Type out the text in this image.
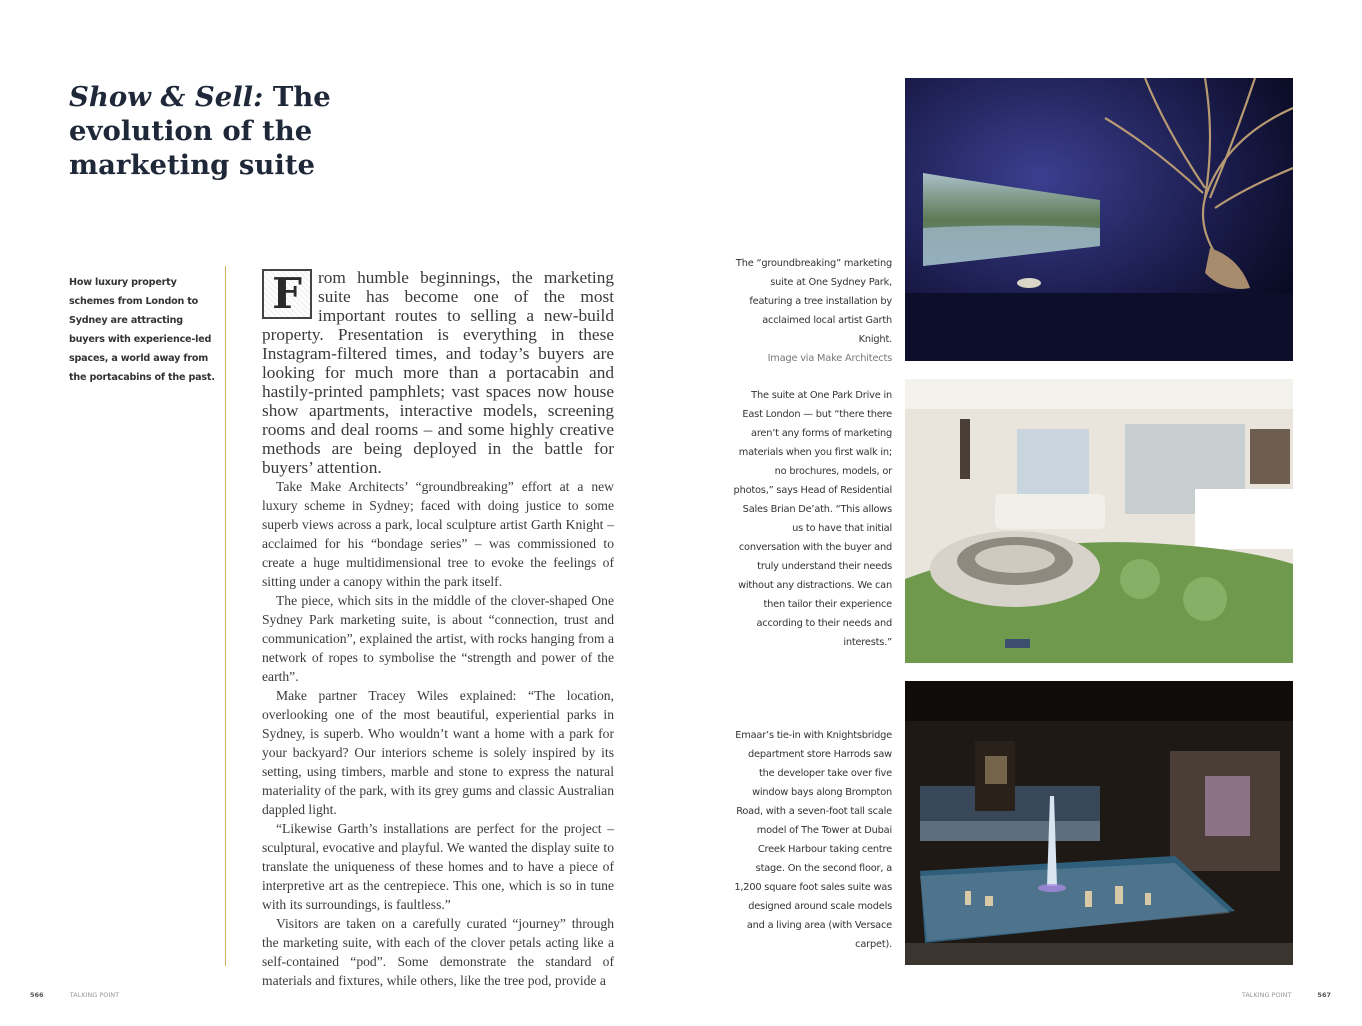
Show & Sell: The evolution of the marketing suite
How luxury property schemes from London to Sydney are attracting buyers with experience-led spaces, a world away from the portacabins of the past.

F rom humble beginnings, the marketing suite has become one of the most important routes to selling a new-build property. Presentation is everything in these Instagram-filtered times, and today’s buyers are looking for much more than a portacabin and hastily-printed pamphlets; vast spaces now house show apartments, interactive models, screening rooms and deal rooms – and some highly creative methods are being deployed in the battle for buyers’ attention.

Take Make Architects’ “groundbreaking” effort at a new luxury scheme in Sydney; faced with doing justice to some superb views across a park, local sculpture artist Garth Knight – acclaimed for his “bondage series” – was commissioned to create a huge multidimensional tree to evoke the feelings of sitting under a canopy within the park itself.

The piece, which sits in the middle of the clover-shaped One Sydney Park marketing suite, is about “connection, trust and communication”, explained the artist, with rocks hanging from a network of ropes to symbolise the “strength and power of the earth”.

Make partner Tracey Wiles explained: “The location, overlooking one of the most beautiful, experiential parks in Sydney, is superb. Who wouldn’t want a home with a park for your backyard? Our interiors scheme is solely inspired by its setting, using timbers, marble and stone to express the natural materiality of the park, with its grey gums and classic Australian dappled light.

“Likewise Garth’s installations are perfect for the project – sculptural, evocative and playful. We wanted the display suite to translate the uniqueness of these homes and to have a piece of interpretive art as the centrepiece. This one, which is so in tune with its surroundings, is faultless.”

Visitors are taken on a carefully curated “journey” through the marketing suite, with each of the clover petals acting like a self-contained “pod”. Some demonstrate the standard of materials and fixtures, while others, like the tree pod, provide a

The “groundbreaking” marketing suite at One Sydney Park, featuring a tree installation by acclaimed local artist Garth Knight.
Image via Make Architects
The suite at One Park Drive in East London — but “there there aren’t any forms of marketing materials when you first walk in; no brochures, models, or photos,” says Head of Residential Sales Brian De’ath. “This allows us to have that initial conversation with the buyer and truly understand their needs without any distractions. We can then tailor their experience according to their needs and interests.”
Emaar’s tie-in with Knightsbridge department store Harrods saw the developer take over five window bays along Brompton Road, with a seven-foot tall scale model of The Tower at Dubai Creek Harbour taking centre stage. On the second floor, a 1,200 square foot sales suite was designed around scale models and a living area (with Versace carpet).
566	TALKING POINT	TALKING POINT	567
